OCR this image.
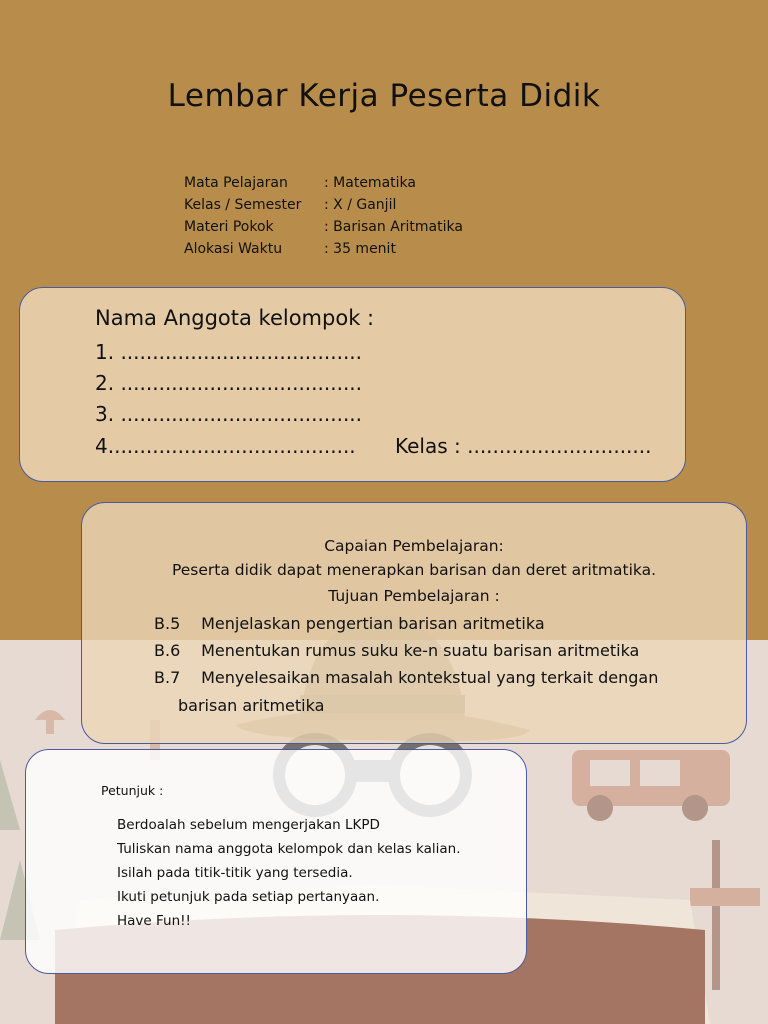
Lembar Kerja Peserta Didik
Mata Pelajaran	: Matematika
Kelas / Semester	: X / Ganjil
Materi Pokok	: Barisan Aritmatika
Alokasi Waktu	: 35 menit
Nama Anggota kelompok :
1. ......................................
2. ......................................
3. ......................................
4....................................... Kelas : .............................
Capaian Pembelajaran:
Peserta didik dapat menerapkan barisan dan deret aritmatika.
Tujuan Pembelajaran :
B.5 Menjelaskan pengertian barisan aritmetika
B.6 Menentukan rumus suku ke-n suatu barisan aritmetika
B.7 Menyelesaikan masalah kontekstual yang terkait dengan
barisan aritmetika
Petunjuk :
Berdoalah sebelum mengerjakan LKPD
Tuliskan nama anggota kelompok dan kelas kalian.
Isilah pada titik-titik yang tersedia.
Ikuti petunjuk pada setiap pertanyaan.
Have Fun!!
